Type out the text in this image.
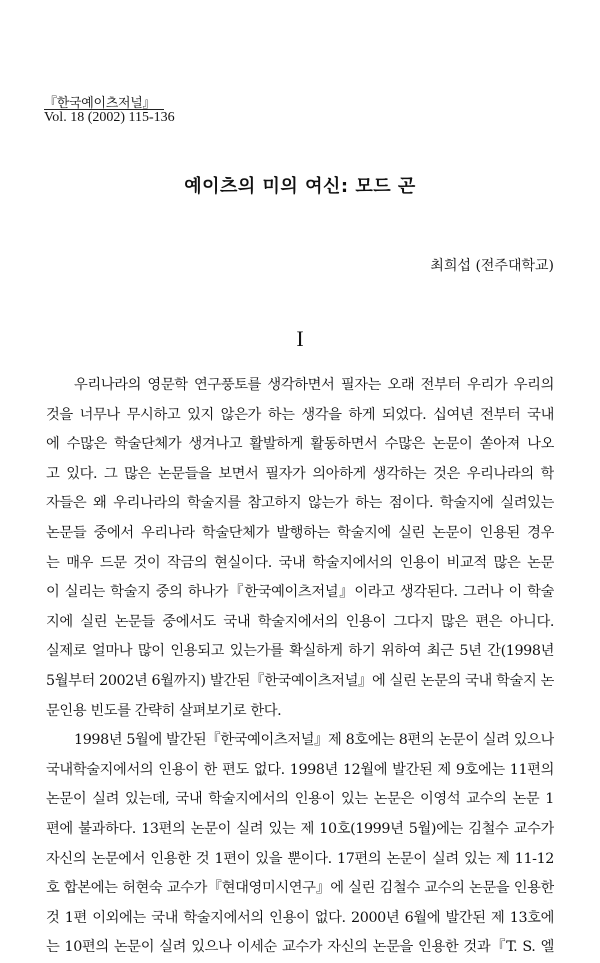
『한국예이츠저널』
Vol. 18 (2002) 115-136
예이츠의 미의 여신: 모드 곤
최희섭 (전주대학교)
I
우리나라의 영문학 연구풍토를 생각하면서 필자는 오래 전부터 우리가 우리의
것을 너무나 무시하고 있지 않은가 하는 생각을 하게 되었다. 십여년 전부터 국내
에 수많은 학술단체가 생겨나고 활발하게 활동하면서 수많은 논문이 쏟아져 나오
고 있다. 그 많은 논문들을 보면서 필자가 의아하게 생각하는 것은 우리나라의 학
자들은 왜 우리나라의 학술지를 참고하지 않는가 하는 점이다. 학술지에 실려있는
논문들 중에서 우리나라 학술단체가 발행하는 학술지에 실린 논문이 인용된 경우
는 매우 드문 것이 작금의 현실이다. 국내 학술지에서의 인용이 비교적 많은 논문
이 실리는 학술지 중의 하나가『한국예이츠저널』이라고 생각된다. 그러나 이 학술
지에 실린 논문들 중에서도 국내 학술지에서의 인용이 그다지 많은 편은 아니다.
실제로 얼마나 많이 인용되고 있는가를 확실하게 하기 위하여 최근 5년 간(1998년
5월부터 2002년 6월까지) 발간된『한국예이츠저널』에 실린 논문의 국내 학술지 논
문인용 빈도를 간략히 살펴보기로 한다.
1998년 5월에 발간된『한국예이츠저널』제 8호에는 8편의 논문이 실려 있으나
국내학술지에서의 인용이 한 편도 없다. 1998년 12월에 발간된 제 9호에는 11편의
논문이 실려 있는데, 국내 학술지에서의 인용이 있는 논문은 이영석 교수의 논문 1
편에 불과하다. 13편의 논문이 실려 있는 제 10호(1999년 5월)에는 김철수 교수가
자신의 논문에서 인용한 것 1편이 있을 뿐이다. 17편의 논문이 실려 있는 제 11-12
호 합본에는 허현숙 교수가『현대영미시연구』에 실린 김철수 교수의 논문을 인용한
것 1편 이외에는 국내 학술지에서의 인용이 없다. 2000년 6월에 발간된 제 13호에
는 10편의 논문이 실려 있으나 이세순 교수가 자신의 논문을 인용한 것과『T. S. 엘
